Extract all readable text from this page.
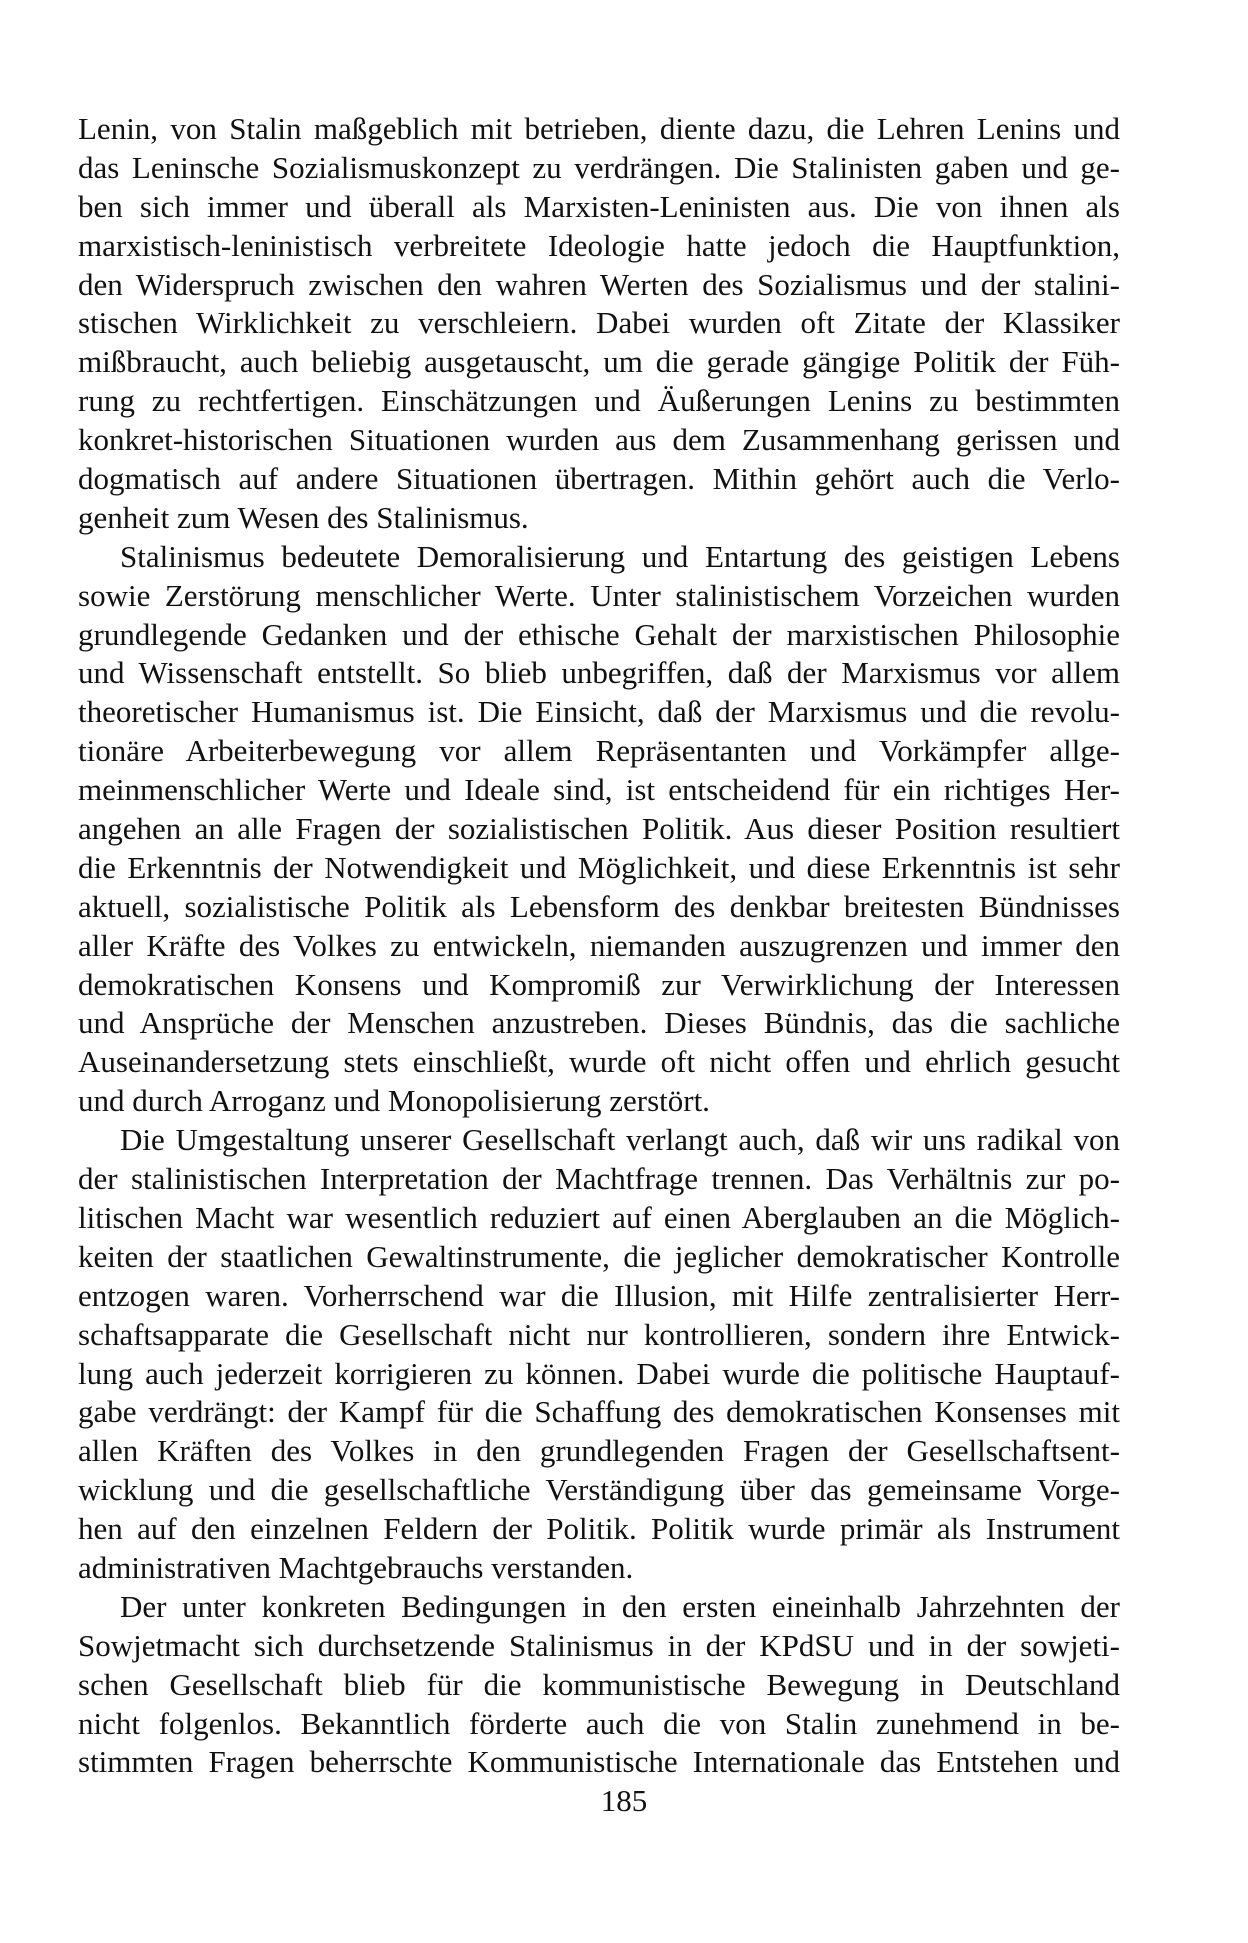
Lenin, von Stalin maßgeblich mit betrieben, diente dazu, die Lehren Lenins und
das Leninsche Sozialismuskonzept zu verdrängen. Die Stalinisten gaben und ge-
ben sich immer und überall als Marxisten-Leninisten aus. Die von ihnen als
marxistisch-leninistisch verbreitete Ideologie hatte jedoch die Hauptfunktion,
den Widerspruch zwischen den wahren Werten des Sozialismus und der stalini-
stischen Wirklichkeit zu verschleiern. Dabei wurden oft Zitate der Klassiker
mißbraucht, auch beliebig ausgetauscht, um die gerade gängige Politik der Füh-
rung zu rechtfertigen. Einschätzungen und Äußerungen Lenins zu bestimmten
konkret-historischen Situationen wurden aus dem Zusammenhang gerissen und
dogmatisch auf andere Situationen übertragen. Mithin gehört auch die Verlo-
genheit zum Wesen des Stalinismus.
Stalinismus bedeutete Demoralisierung und Entartung des geistigen Lebens
sowie Zerstörung menschlicher Werte. Unter stalinistischem Vorzeichen wurden
grundlegende Gedanken und der ethische Gehalt der marxistischen Philosophie
und Wissenschaft entstellt. So blieb unbegriffen, daß der Marxismus vor allem
theoretischer Humanismus ist. Die Einsicht, daß der Marxismus und die revolu-
tionäre Arbeiterbewegung vor allem Repräsentanten und Vorkämpfer allge-
meinmenschlicher Werte und Ideale sind, ist entscheidend für ein richtiges Her-
angehen an alle Fragen der sozialistischen Politik. Aus dieser Position resultiert
die Erkenntnis der Notwendigkeit und Möglichkeit, und diese Erkenntnis ist sehr
aktuell, sozialistische Politik als Lebensform des denkbar breitesten Bündnisses
aller Kräfte des Volkes zu entwickeln, niemanden auszugrenzen und immer den
demokratischen Konsens und Kompromiß zur Verwirklichung der Interessen
und Ansprüche der Menschen anzustreben. Dieses Bündnis, das die sachliche
Auseinandersetzung stets einschließt, wurde oft nicht offen und ehrlich gesucht
und durch Arroganz und Monopolisierung zerstört.
Die Umgestaltung unserer Gesellschaft verlangt auch, daß wir uns radikal von
der stalinistischen Interpretation der Machtfrage trennen. Das Verhältnis zur po-
litischen Macht war wesentlich reduziert auf einen Aberglauben an die Möglich-
keiten der staatlichen Gewaltinstrumente, die jeglicher demokratischer Kontrolle
entzogen waren. Vorherrschend war die Illusion, mit Hilfe zentralisierter Herr-
schaftsapparate die Gesellschaft nicht nur kontrollieren, sondern ihre Entwick-
lung auch jederzeit korrigieren zu können. Dabei wurde die politische Hauptauf-
gabe verdrängt: der Kampf für die Schaffung des demokratischen Konsenses mit
allen Kräften des Volkes in den grundlegenden Fragen der Gesellschaftsent-
wicklung und die gesellschaftliche Verständigung über das gemeinsame Vorge-
hen auf den einzelnen Feldern der Politik. Politik wurde primär als Instrument
administrativen Machtgebrauchs verstanden.
Der unter konkreten Bedingungen in den ersten eineinhalb Jahrzehnten der
Sowjetmacht sich durchsetzende Stalinismus in der KPdSU und in der sowjeti-
schen Gesellschaft blieb für die kommunistische Bewegung in Deutschland
nicht folgenlos. Bekanntlich förderte auch die von Stalin zunehmend in be-
stimmten Fragen beherrschte Kommunistische Internationale das Entstehen und
185
